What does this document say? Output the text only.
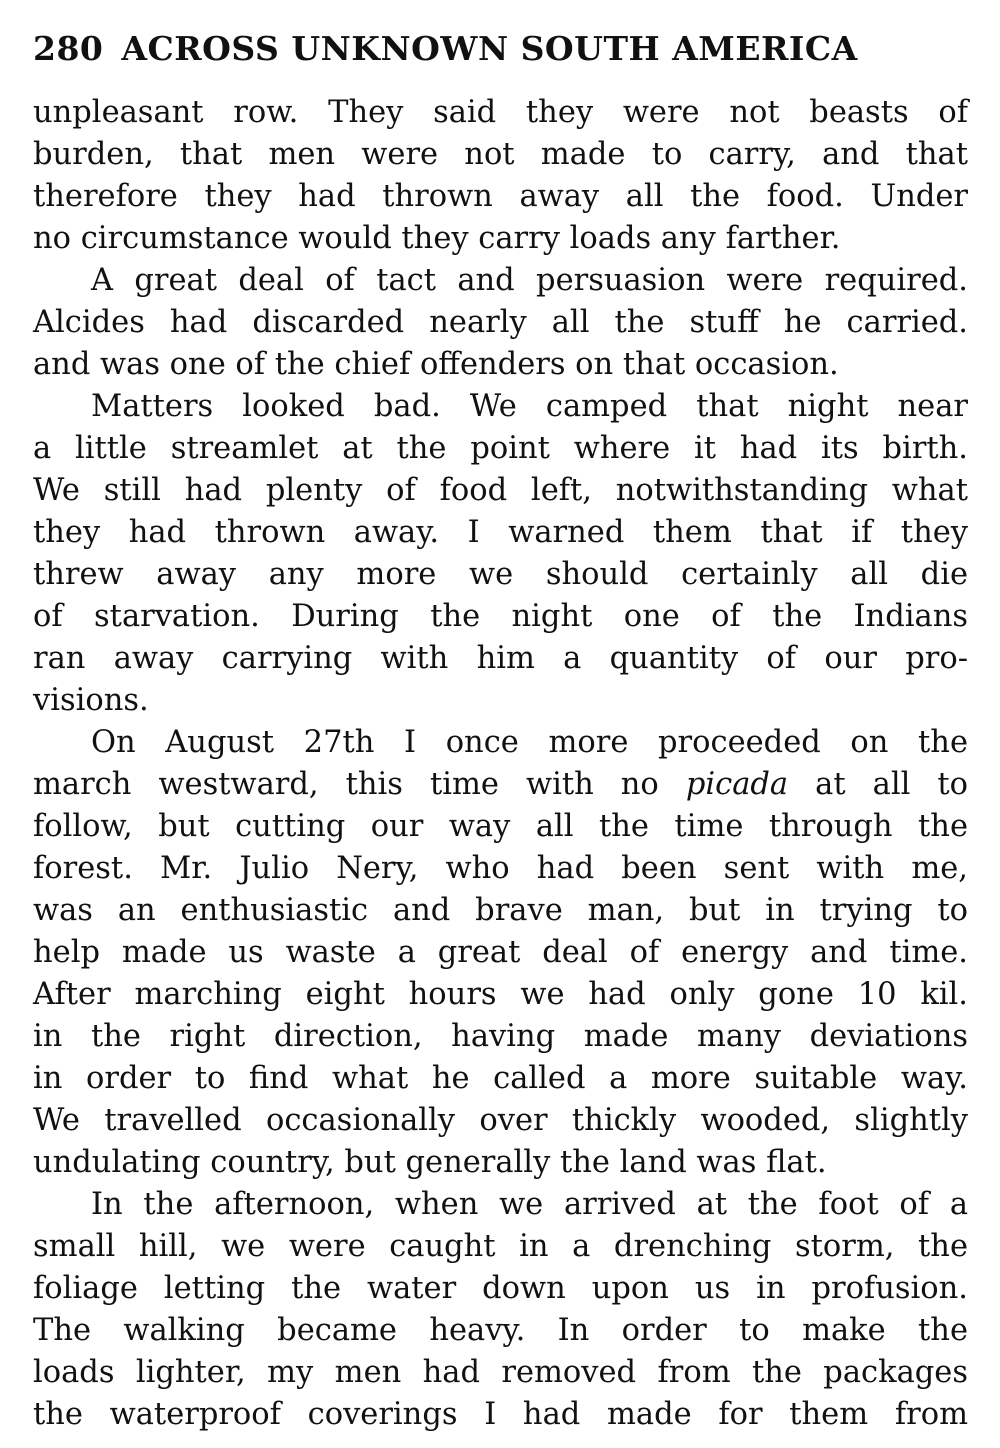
280 ACROSS UNKNOWN SOUTH AMERICA
unpleasant row. They said they were not beasts of
burden, that men were not made to carry, and that
therefore they had thrown away all the food. Under
no circumstance would they carry loads any farther.
A great deal of tact and persuasion were required.
Alcides had discarded nearly all the stuff he carried.
and was one of the chief offenders on that occasion.
Matters looked bad. We camped that night near
a little streamlet at the point where it had its birth.
We still had plenty of food left, notwithstanding what
they had thrown away. I warned them that if they
threw away any more we should certainly all die
of starvation. During the night one of the Indians
ran away carrying with him a quantity of our pro-
visions.
On August 27th I once more proceeded on the
march westward, this time with no picada at all to
follow, but cutting our way all the time through the
forest. Mr. Julio Nery, who had been sent with me,
was an enthusiastic and brave man, but in trying to
help made us waste a great deal of energy and time.
After marching eight hours we had only gone 10 kil.
in the right direction, having made many deviations
in order to find what he called a more suitable way.
We travelled occasionally over thickly wooded, slightly
undulating country, but generally the land was flat.
In the afternoon, when we arrived at the foot of a
small hill, we were caught in a drenching storm, the
foliage letting the water down upon us in profusion.
The walking became heavy. In order to make the
loads lighter, my men had removed from the packages
the waterproof coverings I had made for them from
